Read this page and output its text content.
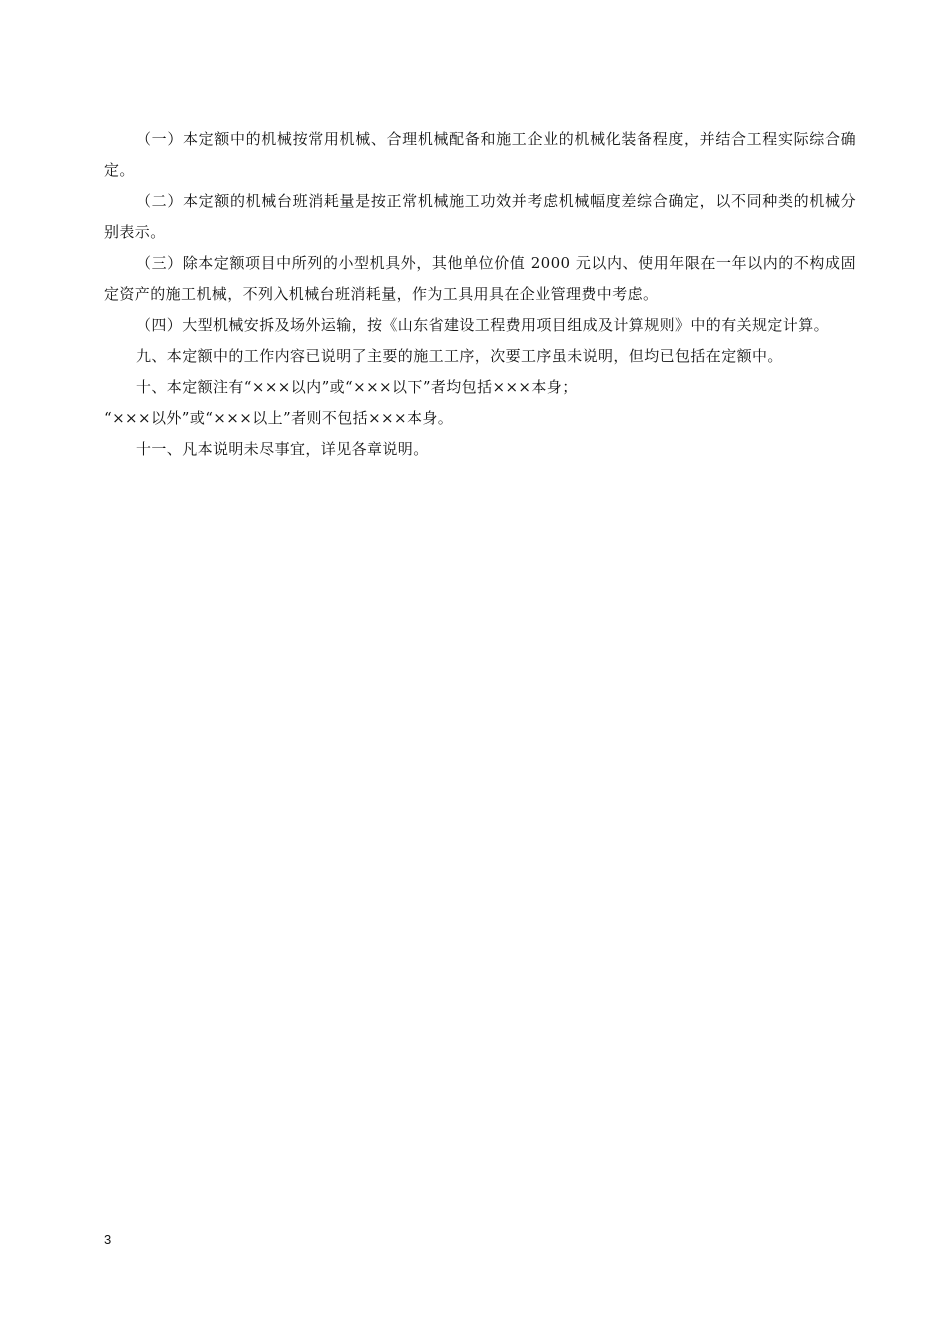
（一）本定额中的机械按常用机械、合理机械配备和施工企业的机械化装备程度，并结合工程实际综合确定。

（二）本定额的机械台班消耗量是按正常机械施工功效并考虑机械幅度差综合确定，以不同种类的机械分别表示。

（三）除本定额项目中所列的小型机具外，其他单位价值 2000 元以内、使用年限在一年以内的不构成固定资产的施工机械，不列入机械台班消耗量，作为工具用具在企业管理费中考虑。

（四）大型机械安拆及场外运输，按《山东省建设工程费用项目组成及计算规则》中的有关规定计算。

九、本定额中的工作内容已说明了主要的施工工序，次要工序虽未说明，但均已包括在定额中。

十、本定额注有“×××以内”或“×××以下”者均包括×××本身；

“×××以外”或“×××以上”者则不包括×××本身。

十一、凡本说明未尽事宜，详见各章说明。

3
